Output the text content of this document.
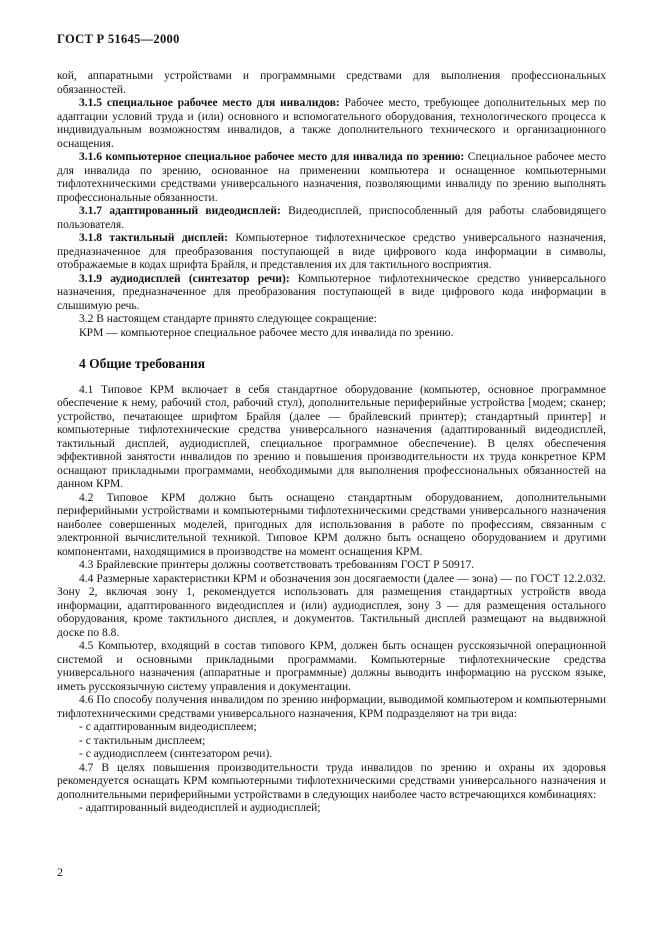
ГОСТ Р 51645—2000

кой, аппаратными устройствами и программными средствами для выполнения профессиональных обязанностей.

3.1.5 специальное рабочее место для инвалидов: Рабочее место, требующее дополнительных мер по адаптации условий труда и (или) основного и вспомогательного оборудования, технологического процесса к индивидуальным возможностям инвалидов, а также дополнительного технического и организационного оснащения.

3.1.6 компьютерное специальное рабочее место для инвалида по зрению: Специальное рабочее место для инвалида по зрению, основанное на применении компьютера и оснащенное компьютерными тифлотехническими средствами универсального назначения, позволяющими инвалиду по зрению выполнять профессиональные обязанности.

3.1.7 адаптированный видеодисплей: Видеодисплей, приспособленный для работы слабовидящего пользователя.

3.1.8 тактильный дисплей: Компьютерное тифлотехническое средство универсального назначения, предназначенное для преобразования поступающей в виде цифрового кода информации в символы, отображаемые в кодах шрифта Брайля, и представления их для тактильного восприятия.

3.1.9 аудиодисплей (синтезатор речи): Компьютерное тифлотехническое средство универсального назначения, предназначенное для преобразования поступающей в виде цифрового кода информации в слышимую речь.

3.2 В настоящем стандарте принято следующее сокращение:

КРМ — компьютерное специальное рабочее место для инвалида по зрению.

4 Общие требования

4.1 Типовое КРМ включает в себя стандартное оборудование (компьютер, основное программное обеспечение к нему, рабочий стол, рабочий стул), дополнительные периферийные устройства [модем; сканер; устройство, печатающее шрифтом Брайля (далее — брайлевский принтер); стандартный принтер] и компьютерные тифлотехнические средства универсального назначения (адаптированный видеодисплей, тактильный дисплей, аудиодисплей, специальное программное обеспечение). В целях обеспечения эффективной занятости инвалидов по зрению и повышения производительности их труда конкретное КРМ оснащают прикладными программами, необходимыми для выполнения профессиональных обязанностей на данном КРМ.

4.2 Типовое КРМ должно быть оснащено стандартным оборудованием, дополнительными периферийными устройствами и компьютерными тифлотехническими средствами универсального назначения наиболее совершенных моделей, пригодных для использования в работе по профессиям, связанным с электронной вычислительной техникой. Типовое КРМ должно быть оснащено оборудованием и другими компонентами, находящимися в производстве на момент оснащения КРМ.

4.3 Брайлевские принтеры должны соответствовать требованиям ГОСТ Р 50917.

4.4 Размерные характеристики КРМ и обозначения зон досягаемости (далее — зона) — по ГОСТ 12.2.032. Зону 2, включая зону 1, рекомендуется использовать для размещения стандартных устройств ввода информации, адаптированного видеодисплея и (или) аудиодисплея, зону 3 — для размещения остального оборудования, кроме тактильного дисплея, и документов. Тактильный дисплей размещают на выдвижной доске по 8.8.

4.5 Компьютер, входящий в состав типового КРМ, должен быть оснащен русскоязычной операционной системой и основными прикладными программами. Компьютерные тифлотехнические средства универсального назначения (аппаратные и программные) должны выводить информацию на русском языке, иметь русскоязычную систему управления и документации.

4.6 По способу получения инвалидом по зрению информации, выводимой компьютером и компьютерными тифлотехническими средствами универсального назначения, КРМ подразделяют на три вида:

- с адаптированным видеодисплеем;

- с тактильным дисплеем;

- с аудиодисплеем (синтезатором речи).

4.7 В целях повышения производительности труда инвалидов по зрению и охраны их здоровья рекомендуется оснащать КРМ компьютерными тифлотехническими средствами универсального назначения и дополнительными периферийными устройствами в следующих наиболее часто встречающихся комбинациях:

- адаптированный видеодисплей и аудиодисплей;

2
